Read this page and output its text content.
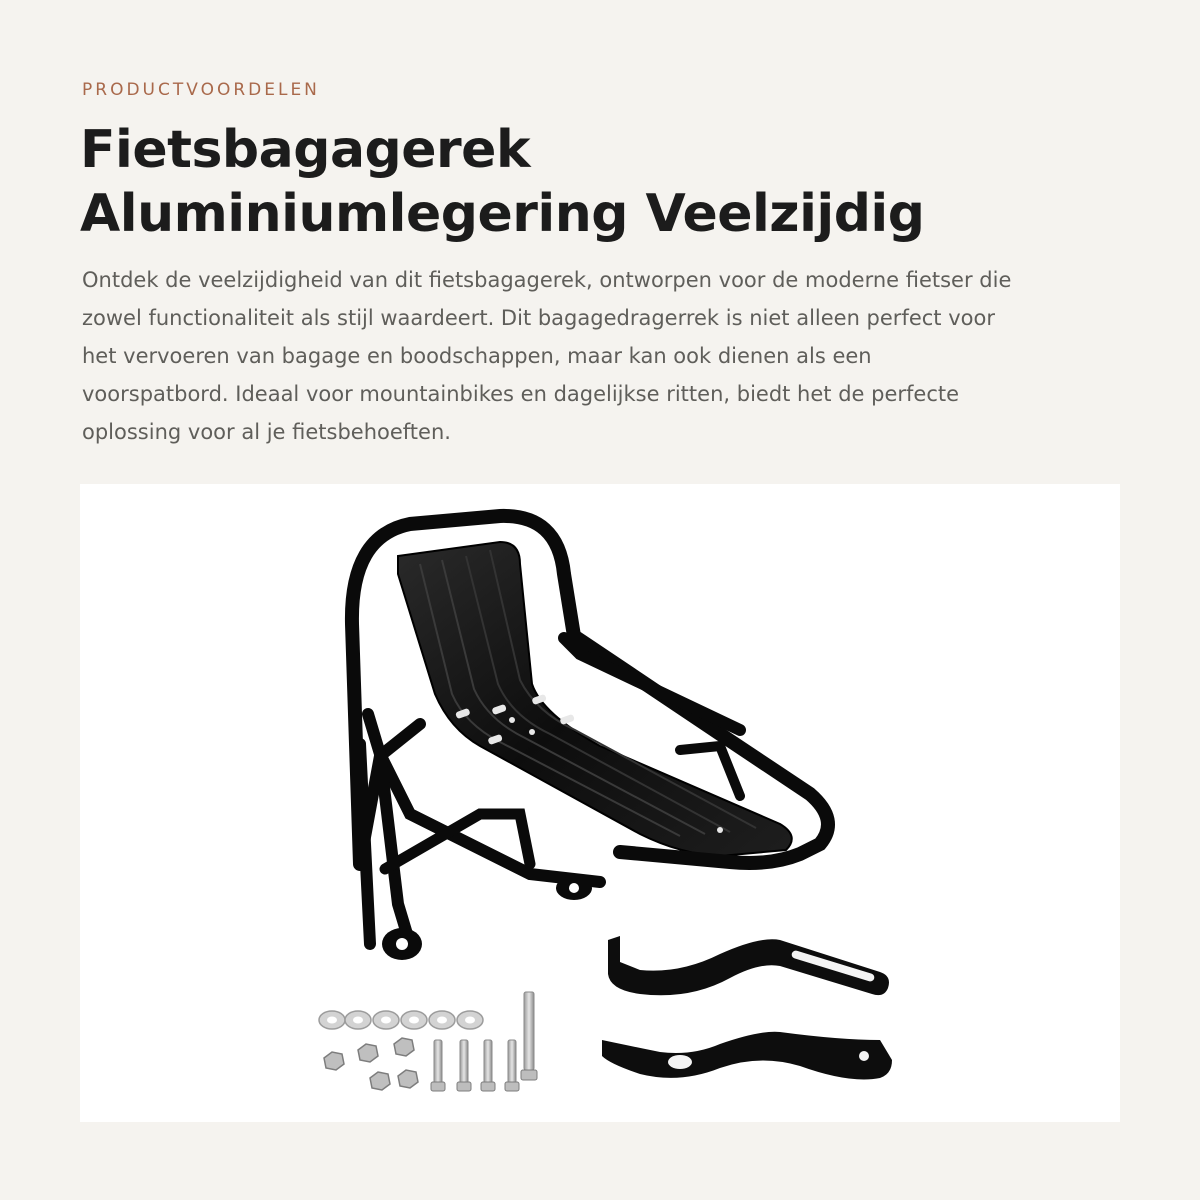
PRODUCTVOORDELEN
Fietsbagagerek
Aluminiumlegering Veelzijdig

Ontdek de veelzijdigheid van dit fietsbagagerek, ontworpen voor de moderne fietser die
zowel functionaliteit als stijl waardeert. Dit bagagedragerrek is niet alleen perfect voor
het vervoeren van bagage en boodschappen, maar kan ook dienen als een
voorspatbord. Ideaal voor mountainbikes en dagelijkse ritten, biedt het de perfecte
oplossing voor al je fietsbehoeften.
